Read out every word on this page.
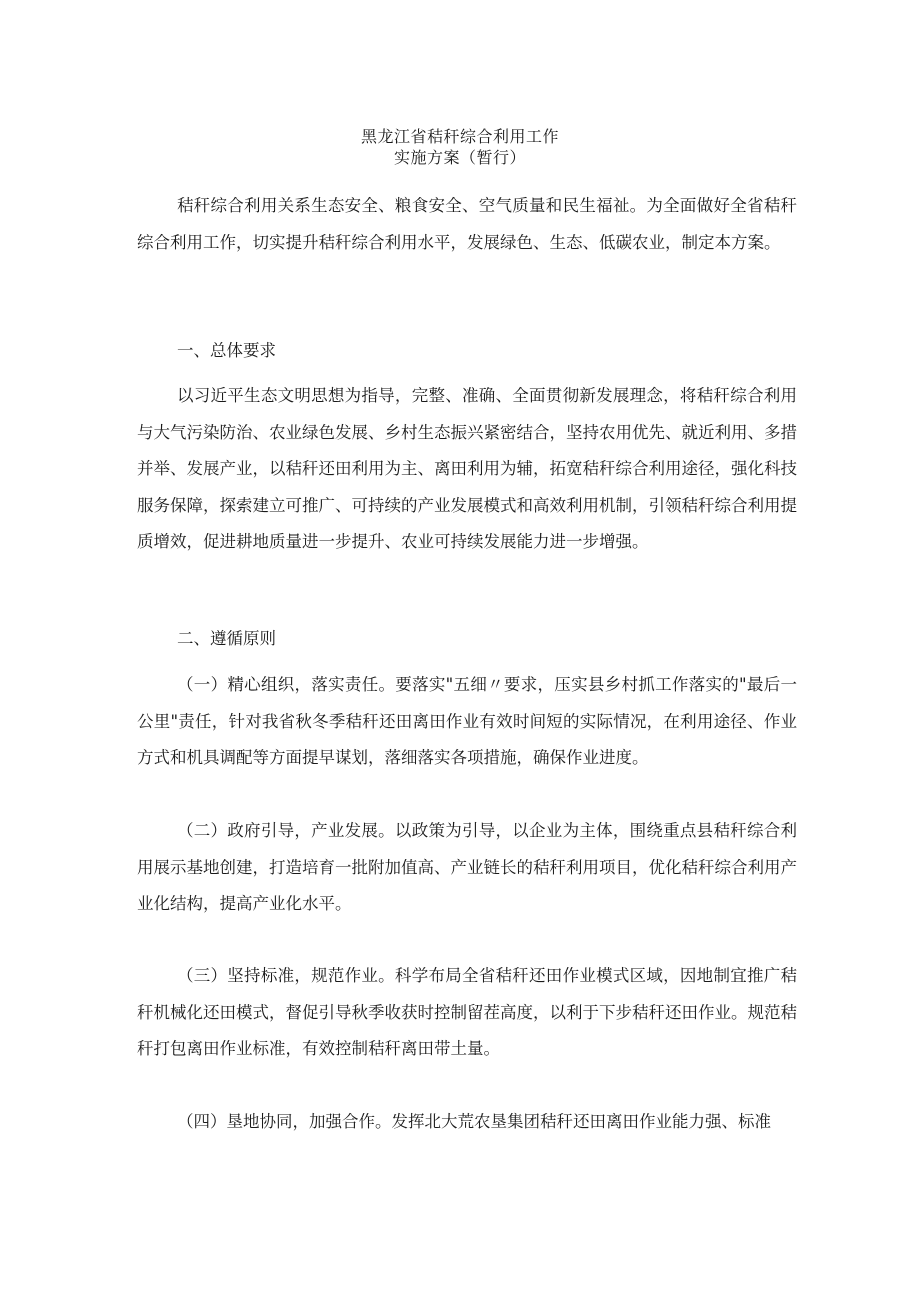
黑龙江省秸秆综合利用工作
实施方案（暂行）

秸秆综合利用关系生态安全、粮食安全、空气质量和民生福祉。为全面做好全省秸秆综合利用工作，切实提升秸秆综合利用水平，发展绿色、生态、低碳农业，制定本方案。

一、总体要求

以习近平生态文明思想为指导，完整、准确、全面贯彻新发展理念，将秸秆综合利用与大气污染防治、农业绿色发展、乡村生态振兴紧密结合，坚持农用优先、就近利用、多措并举、发展产业，以秸秆还田利用为主、离田利用为辅，拓宽秸秆综合利用途径，强化科技服务保障，探索建立可推广、可持续的产业发展模式和高效利用机制，引领秸秆综合利用提质增效，促进耕地质量进一步提升、农业可持续发展能力进一步增强。

二、遵循原则

（一）精心组织，落实责任。要落实"五细〃要求，压实县乡村抓工作落实的"最后一公里"责任，针对我省秋冬季秸秆还田离田作业有效时间短的实际情况，在利用途径、作业方式和机具调配等方面提早谋划，落细落实各项措施，确保作业进度。

（二）政府引导，产业发展。以政策为引导，以企业为主体，围绕重点县秸秆综合利用展示基地创建，打造培育一批附加值高、产业链长的秸秆利用项目，优化秸秆综合利用产业化结构，提高产业化水平。

（三）坚持标准，规范作业。科学布局全省秸秆还田作业模式区域，因地制宜推广秸秆机械化还田模式，督促引导秋季收获时控制留茬高度，以利于下步秸秆还田作业。规范秸秆打包离田作业标准，有效控制秸秆离田带土量。

（四）垦地协同，加强合作。发挥北大荒农垦集团秸秆还田离田作业能力强、标准
